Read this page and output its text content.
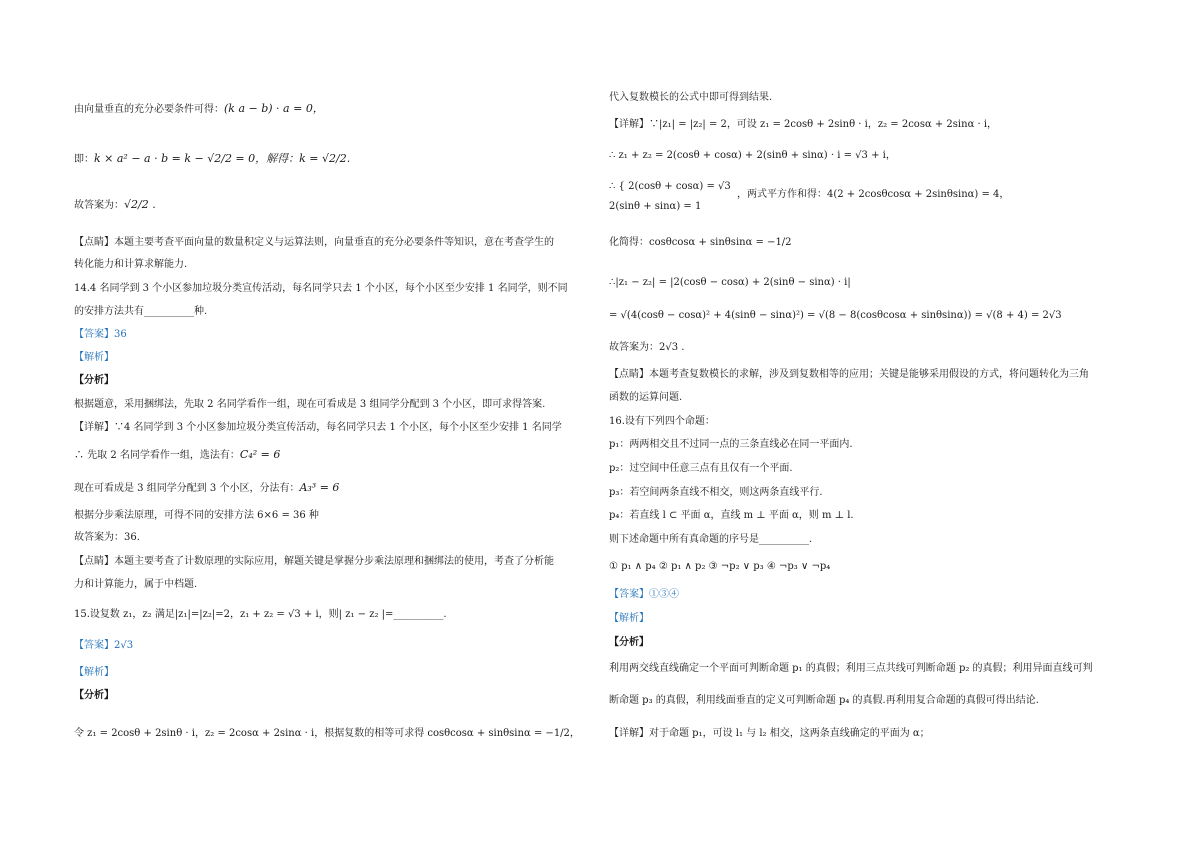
由向量垂直的充分必要条件可得：(k a − b) · a = 0，
即：k × a² − a · b = k − √2/2 = 0，解得：k = √2/2.
故答案为：√2/2 .
【点睛】本题主要考查平面向量的数量积定义与运算法则，向量垂直的充分必要条件等知识，意在考查学生的
转化能力和计算求解能力.
14.4 名同学到 3 个小区参加垃圾分类宣传活动，每名同学只去 1 个小区，每个小区至少安排 1 名同学，则不同
的安排方法共有__________种.
【答案】36
【解析】
【分析】
根据题意，采用捆绑法，先取 2 名同学看作一组，现在可看成是 3 组同学分配到 3 个小区，即可求得答案.
【详解】∵4 名同学到 3 个小区参加垃圾分类宣传活动，每名同学只去 1 个小区，每个小区至少安排 1 名同学
∴ 先取 2 名同学看作一组，选法有：C₄² = 6
现在可看成是 3 组同学分配到 3 个小区，分法有：A₃³ = 6
根据分步乘法原理，可得不同的安排方法 6×6 = 36 种
故答案为：36.
【点睛】本题主要考查了计数原理的实际应用，解题关键是掌握分步乘法原理和捆绑法的使用，考查了分析能
力和计算能力，属于中档题.
15.设复数 z₁，z₂ 满足|z₁|=|z₂|=2，z₁ + z₂ = √3 + i，则| z₁ − z₂ |=__________.
【答案】2√3
【解析】
【分析】
令 z₁ = 2cosθ + 2sinθ · i，z₂ = 2cosα + 2sinα · i，根据复数的相等可求得 cosθcosα + sinθsinα = −1/2，
代入复数模长的公式中即可得到结果.
【详解】∵|z₁| = |z₂| = 2，可设 z₁ = 2cosθ + 2sinθ · i，z₂ = 2cosα + 2sinα · i，
∴ z₁ + z₂ = 2(cosθ + cosα) + 2(sinθ + sinα) · i = √3 + i，
∴ { 2(cosθ + cosα) = √3
2(sinθ + sinα) = 1
，两式平方作和得：4(2 + 2cosθcosα + 2sinθsinα) = 4，
化简得：cosθcosα + sinθsinα = −1/2
∴|z₁ − z₂| = |2(cosθ − cosα) + 2(sinθ − sinα) · i|
= √(4(cosθ − cosα)² + 4(sinθ − sinα)²) = √(8 − 8(cosθcosα + sinθsinα)) = √(8 + 4) = 2√3
故答案为：2√3 .
【点睛】本题考查复数模长的求解，涉及到复数相等的应用；关键是能够采用假设的方式，将问题转化为三角
函数的运算问题.
16.设有下列四个命题：
p₁：两两相交且不过同一点的三条直线必在同一平面内.
p₂：过空间中任意三点有且仅有一个平面.
p₃：若空间两条直线不相交，则这两条直线平行.
p₄：若直线 l ⊂ 平面 α，直线 m ⊥ 平面 α，则 m ⊥ l.
则下述命题中所有真命题的序号是__________.
① p₁ ∧ p₄ ② p₁ ∧ p₂ ③ ¬p₂ ∨ p₃ ④ ¬p₃ ∨ ¬p₄
【答案】①③④
【解析】
【分析】
利用两交线直线确定一个平面可判断命题 p₁ 的真假；利用三点共线可判断命题 p₂ 的真假；利用异面直线可判
断命题 p₃ 的真假，利用线面垂直的定义可判断命题 p₄ 的真假.再利用复合命题的真假可得出结论.
【详解】对于命题 p₁，可设 l₁ 与 l₂ 相交，这两条直线确定的平面为 α；
